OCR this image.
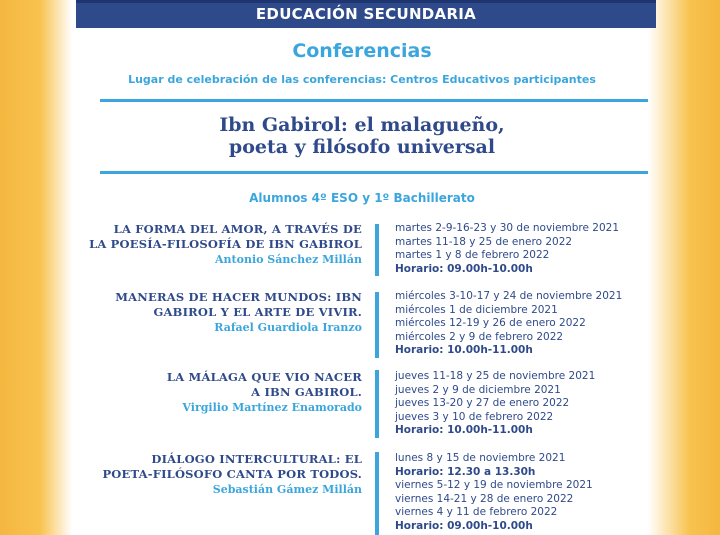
EDUCACIÓN SECUNDARIA
Conferencias
Lugar de celebración de las conferencias: Centros Educativos participantes
Ibn Gabirol: el malagueño,
poeta y filósofo universal
Alumnos 4º ESO y 1º Bachillerato
LA FORMA DEL AMOR, A TRAVÉS DE
LA POESÍA-FILOSOFÍA DE IBN GABIROL
Antonio Sánchez Millán
martes 2-9-16-23 y 30 de noviembre 2021
martes 11-18 y 25 de enero 2022
martes 1 y 8 de febrero 2022
Horario: 09.00h-10.00h
MANERAS DE HACER MUNDOS: IBN
GABIROL Y EL ARTE DE VIVIR.
Rafael Guardiola Iranzo
miércoles 3-10-17 y 24 de noviembre 2021
miércoles 1 de diciembre 2021
miércoles 12-19 y 26 de enero 2022
miércoles 2 y 9 de febrero 2022
Horario: 10.00h-11.00h
LA MÁLAGA QUE VIO NACER
A IBN GABIROL.
Virgilio Martínez Enamorado
jueves 11-18 y 25 de noviembre 2021
jueves 2 y 9 de diciembre 2021
jueves 13-20 y 27 de enero 2022
jueves 3 y 10 de febrero 2022
Horario: 10.00h-11.00h
DIÁLOGO INTERCULTURAL: EL
POETA-FILÓSOFO CANTA POR TODOS.
Sebastián Gámez Millán
lunes 8 y 15 de noviembre 2021
Horario: 12.30 a 13.30h
viernes 5-12 y 19 de noviembre 2021
viernes 14-21 y 28 de enero 2022
viernes 4 y 11 de febrero 2022
Horario: 09.00h-10.00h
